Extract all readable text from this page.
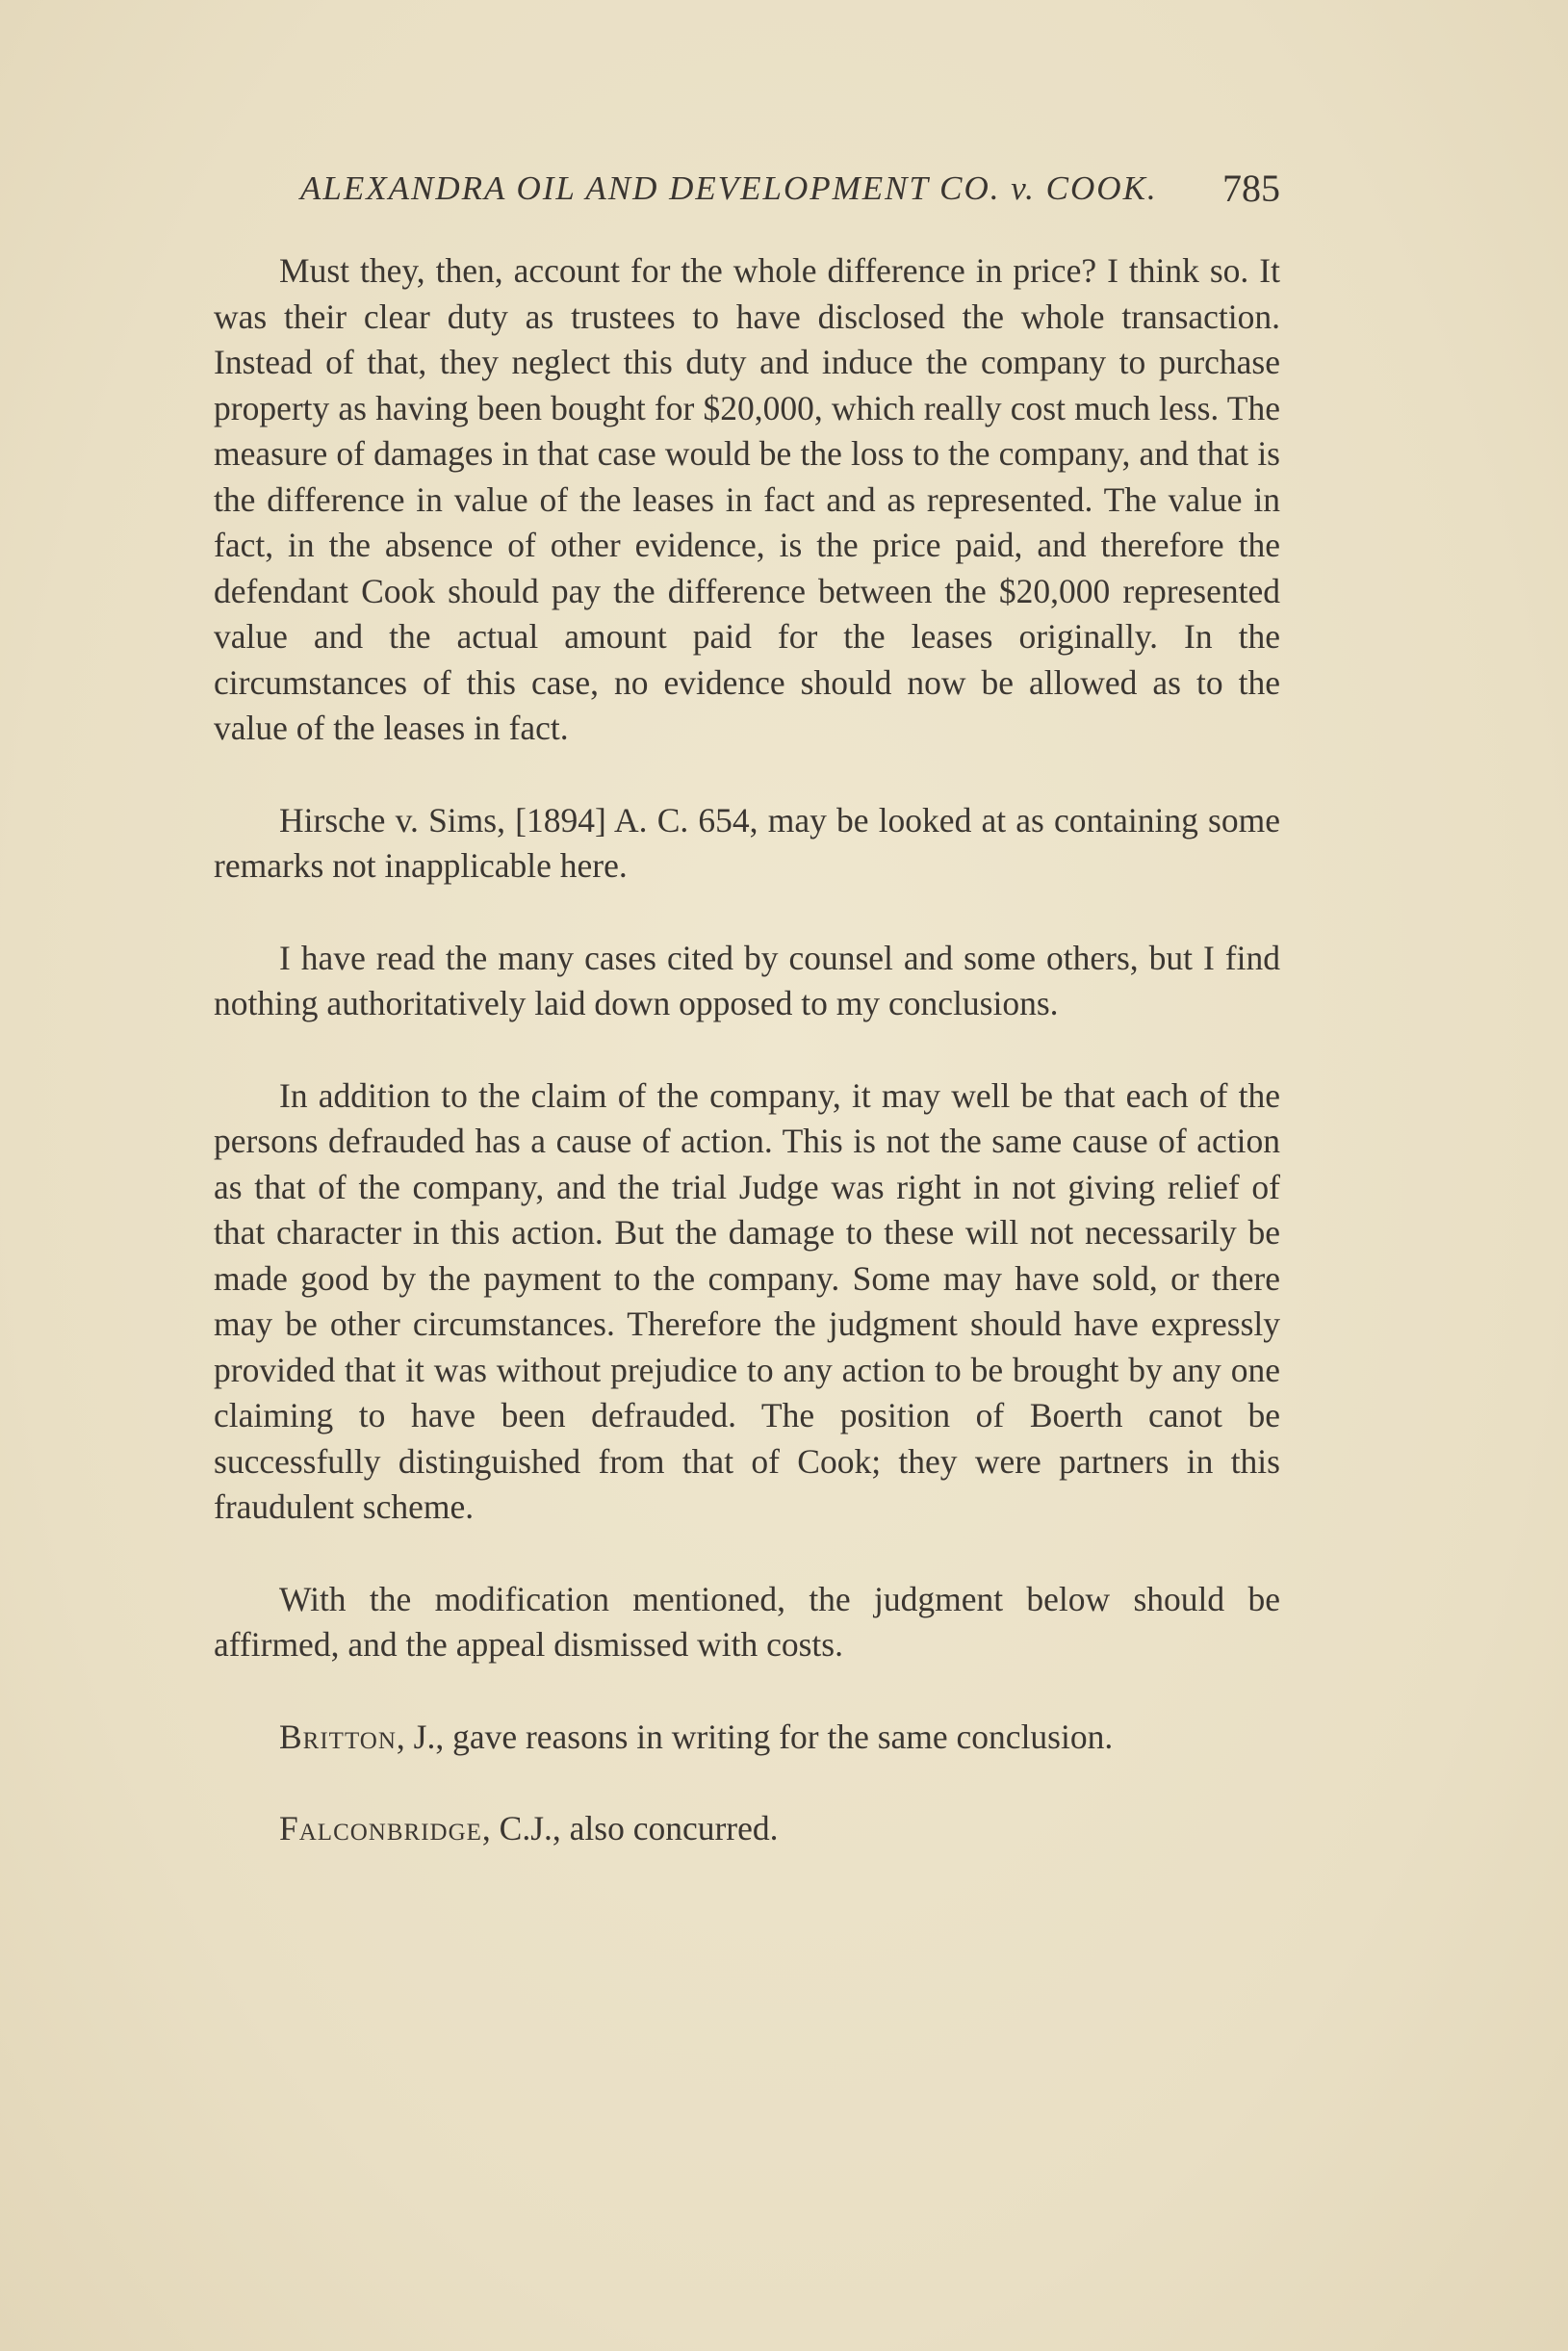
ALEXANDRA OIL AND DEVELOPMENT CO. v. COOK. 785

Must they, then, account for the whole difference in price? I think so. It was their clear duty as trustees to have disclosed the whole transaction. Instead of that, they neglect this duty and induce the company to purchase property as having been bought for $20,000, which really cost much less. The measure of damages in that case would be the loss to the company, and that is the difference in value of the leases in fact and as represented. The value in fact, in the absence of other evidence, is the price paid, and therefore the defendant Cook should pay the difference between the $20,000 represented value and the actual amount paid for the leases originally. In the circumstances of this case, no evidence should now be allowed as to the value of the leases in fact.

Hirsche v. Sims, [1894] A. C. 654, may be looked at as containing some remarks not inapplicable here.

I have read the many cases cited by counsel and some others, but I find nothing authoritatively laid down opposed to my conclusions.

In addition to the claim of the company, it may well be that each of the persons defrauded has a cause of action. This is not the same cause of action as that of the company, and the trial Judge was right in not giving relief of that character in this action. But the damage to these will not necessarily be made good by the payment to the company. Some may have sold, or there may be other circumstances. Therefore the judgment should have expressly provided that it was without prejudice to any action to be brought by any one claiming to have been defrauded. The position of Boerth canot be successfully distinguished from that of Cook; they were partners in this fraudulent scheme.

With the modification mentioned, the judgment below should be affirmed, and the appeal dismissed with costs.

Britton, J., gave reasons in writing for the same conclusion.

Falconbridge, C.J., also concurred.
